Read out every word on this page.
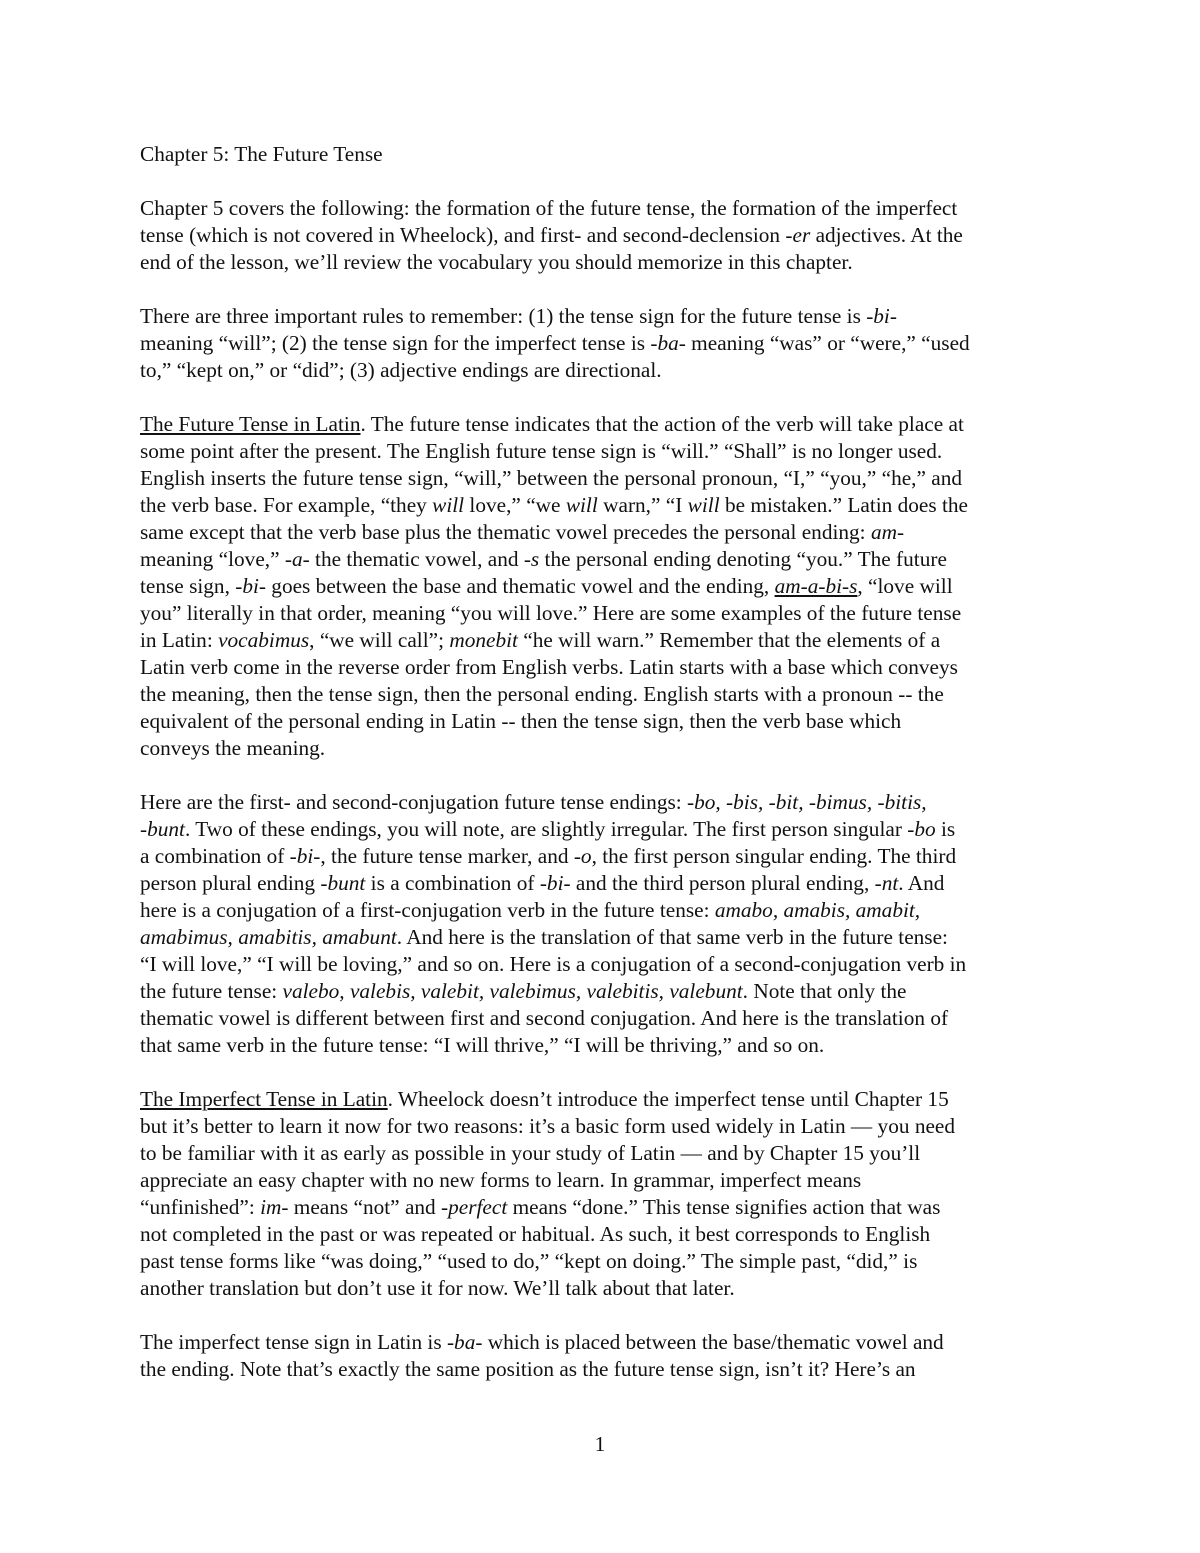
Chapter 5: The Future Tense

Chapter 5 covers the following: the formation of the future tense, the formation of the imperfect
tense (which is not covered in Wheelock), and first- and second-declension -er adjectives. At the
end of the lesson, we’ll review the vocabulary you should memorize in this chapter.

There are three important rules to remember: (1) the tense sign for the future tense is -bi-
meaning “will”; (2) the tense sign for the imperfect tense is -ba- meaning “was” or “were,” “used
to,” “kept on,” or “did”; (3) adjective endings are directional.

The Future Tense in Latin. The future tense indicates that the action of the verb will take place at
some point after the present. The English future tense sign is “will.” “Shall” is no longer used.
English inserts the future tense sign, “will,” between the personal pronoun, “I,” “you,” “he,” and
the verb base. For example, “they will love,” “we will warn,” “I will be mistaken.” Latin does the
same except that the verb base plus the thematic vowel precedes the personal ending: am-
meaning “love,” -a- the thematic vowel, and -s the personal ending denoting “you.” The future
tense sign, -bi- goes between the base and thematic vowel and the ending, am-a-bi-s, “love will
you” literally in that order, meaning “you will love.” Here are some examples of the future tense
in Latin: vocabimus, “we will call”; monebit “he will warn.” Remember that the elements of a
Latin verb come in the reverse order from English verbs. Latin starts with a base which conveys
the meaning, then the tense sign, then the personal ending. English starts with a pronoun -- the
equivalent of the personal ending in Latin -- then the tense sign, then the verb base which
conveys the meaning.

Here are the first- and second-conjugation future tense endings: -bo, -bis, -bit, -bimus, -bitis,
-bunt. Two of these endings, you will note, are slightly irregular. The first person singular -bo is
a combination of -bi-, the future tense marker, and -o, the first person singular ending. The third
person plural ending -bunt is a combination of -bi- and the third person plural ending, -nt. And
here is a conjugation of a first-conjugation verb in the future tense: amabo, amabis, amabit,
amabimus, amabitis, amabunt. And here is the translation of that same verb in the future tense:
“I will love,” “I will be loving,” and so on. Here is a conjugation of a second-conjugation verb in
the future tense: valebo, valebis, valebit, valebimus, valebitis, valebunt. Note that only the
thematic vowel is different between first and second conjugation. And here is the translation of
that same verb in the future tense: “I will thrive,” “I will be thriving,” and so on.

The Imperfect Tense in Latin. Wheelock doesn’t introduce the imperfect tense until Chapter 15
but it’s better to learn it now for two reasons: it’s a basic form used widely in Latin — you need
to be familiar with it as early as possible in your study of Latin — and by Chapter 15 you’ll
appreciate an easy chapter with no new forms to learn. In grammar, imperfect means
“unfinished”: im- means “not” and -perfect means “done.” This tense signifies action that was
not completed in the past or was repeated or habitual. As such, it best corresponds to English
past tense forms like “was doing,” “used to do,” “kept on doing.” The simple past, “did,” is
another translation but don’t use it for now. We’ll talk about that later.

The imperfect tense sign in Latin is -ba- which is placed between the base/thematic vowel and
the ending. Note that’s exactly the same position as the future tense sign, isn’t it? Here’s an

1
